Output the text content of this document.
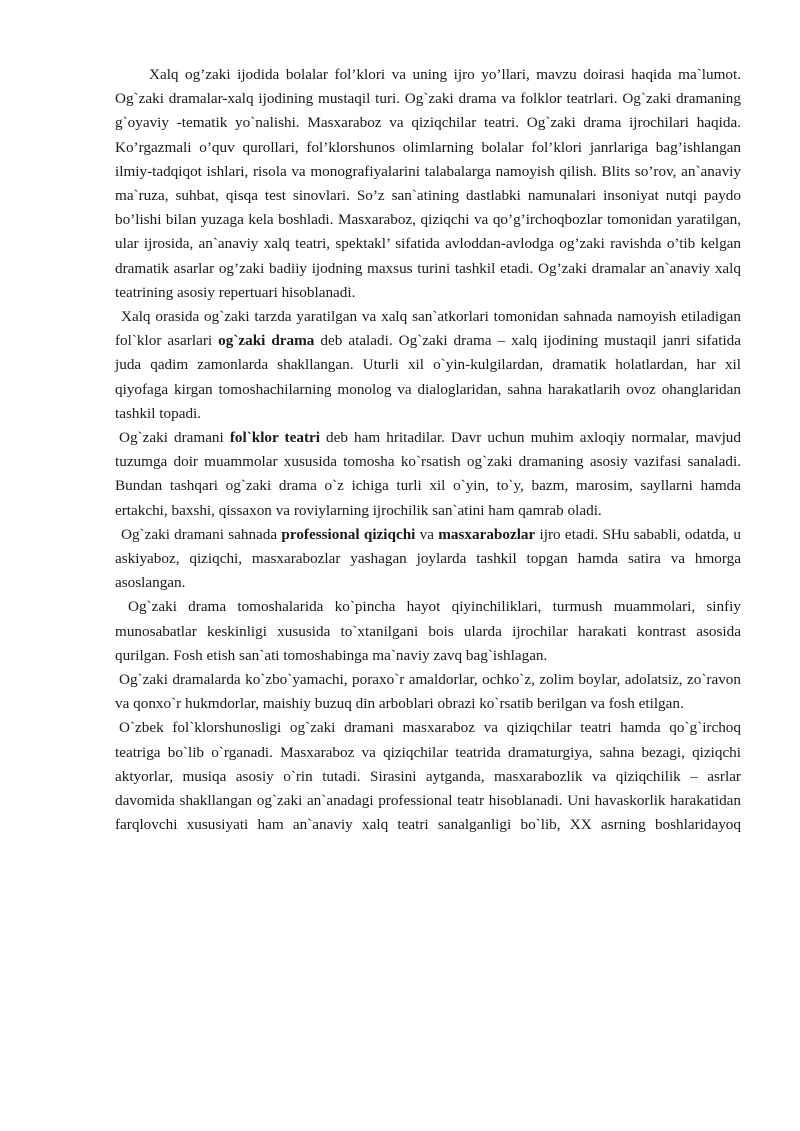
Xalq og’zaki ijodida bolalar fol’klori va uning ijro yo’llari, mavzu doirasi haqida ma`lumot. Og`zaki dramalar-xalq ijodining mustaqil turi. Og`zaki drama va folklor teatrlari. Og`zaki dramaning g`oyaviy -tematik yo`nalishi. Masxaraboz va qiziqchilar teatri. Og`zaki drama ijrochilari haqida. Ko’rgazmali o’quv qurollari, fol’klorshunos olimlarning bolalar fol’klori janrlariga bag’ishlangan ilmiy-tadqiqot ishlari, risola va monografiyalarini talabalarga namoyish qilish. Blits so’rov, an`anaviy ma`ruza, suhbat, qisqa test sinovlari. So’z san`atining dastlabki namunalari insoniyat nutqi paydo bo’lishi bilan yuzaga kela boshladi. Masxaraboz, qiziqchi va qo’g’irchoqbozlar tomonidan yaratilgan, ular ijrosida, an`anaviy xalq teatri, spektakl’ sifatida avloddan-avlodga og’zaki ravishda o’tib kelgan dramatik asarlar og’zaki badiiy ijodning maxsus turini tashkil etadi. Og’zaki dramalar an`anaviy xalq teatrining asosiy repertuari hisoblanadi.

Xalq orasida og`zaki tarzda yaratilgan va xalq san`atkorlari tomonidan sahnada namoyish etiladigan fol`klor asarlari og`zaki drama deb ataladi. Og`zaki drama – xalq ijodining mustaqil janri sifatida juda qadim zamonlarda shakllangan. Uturli xil o`yin-kulgilardan, dramatik holatlardan, har xil qiyofaga kirgan tomoshachilarning monolog va dialoglaridan, sahna harakatlarih ovoz ohanglaridan tashkil topadi.

Og`zaki dramani fol`klor teatri deb ham hritadilar. Davr uchun muhim axloqiy normalar, mavjud tuzumga doir muammolar xususida tomosha ko`rsatish og`zaki dramaning asosiy vazifasi sanaladi. Bundan tashqari og`zaki drama o`z ichiga turli xil o`yin, to`y, bazm, marosim, sayllarni hamda ertakchi, baxshi, qissaxon va roviylarning ijrochilik san`atini ham qamrab oladi.

Og`zaki dramani sahnada professional qiziqchi va masxarabozlar ijro etadi. SHu sababli, odatda, u askiyaboz, qiziqchi, masxarabozlar yashagan joylarda tashkil topgan hamda satira va hmorga asoslangan.

Og`zaki drama tomoshalarida ko`pincha hayot qiyinchiliklari, turmush muammolari, sinfiy munosabatlar keskinligi xususida to`xtanilgani bois ularda ijrochilar harakati kontrast asosida qurilgan. Fosh etish san`ati tomoshabinga ma`naviy zavq bag`ishlagan.

Og`zaki dramalarda ko`zbo`yamachi, poraxo`r amaldorlar, ochko`z, zolim boylar, adolatsiz, zo`ravon va qonxo`r hukmdorlar, maishiy buzuq din arboblari obrazi ko`rsatib berilgan va fosh etilgan.

O`zbek fol`klorshunosligi og`zaki dramani masxaraboz va qiziqchilar teatri hamda qo`g`irchoq teatriga bo`lib o`rganadi. Masxaraboz va qiziqchilar teatrida dramaturgiya, sahna bezagi, qiziqchi aktyorlar, musiqa asosiy o`rin tutadi. Sirasini aytganda, masxarabozlik va qiziqchilik – asrlar davomida shakllangan og`zaki an`anadagi professional teatr hisoblanadi. Uni havaskorlik harakatidan farqlovchi xususiyati ham an`anaviy xalq teatri sanalganligi bo`lib, XX asrning boshlaridayoq
